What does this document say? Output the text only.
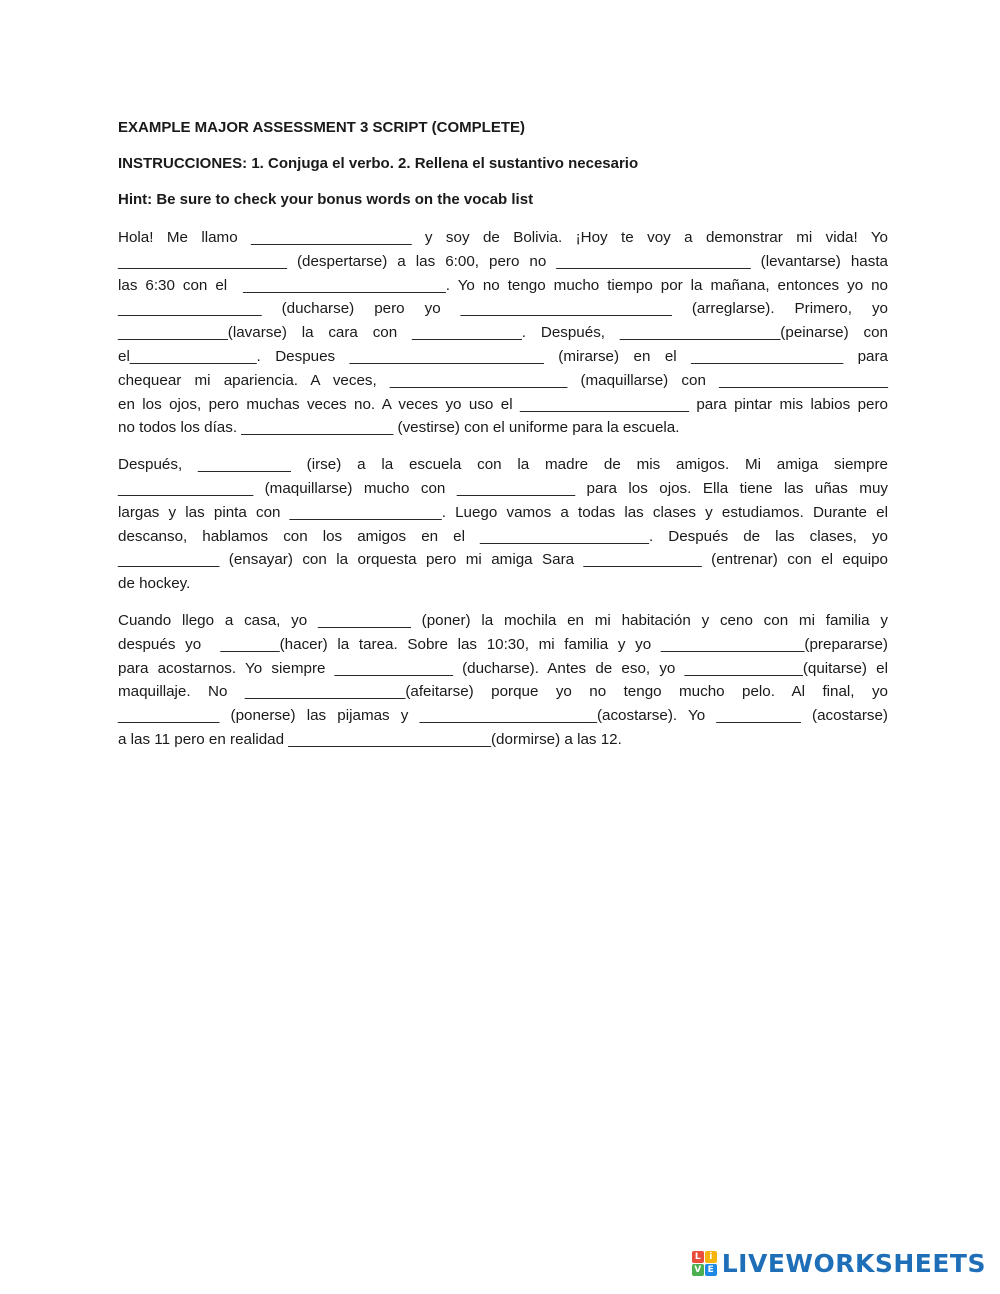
EXAMPLE MAJOR ASSESSMENT 3 SCRIPT (COMPLETE)
INSTRUCCIONES: 1. Conjuga el verbo. 2. Rellena el sustantivo necesario
Hint: Be sure to check your bonus words on the vocab list
Hola! Me llamo ___________________ y soy de Bolivia. ¡Hoy te voy a demonstrar mi vida! Yo
____________________ (despertarse) a las 6:00, pero no _______________________ (levantarse) hasta
las 6:30 con el  ________________________. Yo no tengo mucho tiempo por la mañana, entonces yo no
_________________ (ducharse) pero yo _________________________ (arreglarse). Primero, yo
_____________(lavarse) la cara con _____________. Después, ___________________(peinarse) con
el_______________. Despues _______________________ (mirarse) en el __________________ para
chequear mi apariencia. A veces, _____________________ (maquillarse) con ____________________
en los ojos, pero muchas veces no. A veces yo uso el ____________________ para pintar mis labios pero
no todos los días. __________________ (vestirse) con el uniforme para la escuela.
Después, ___________ (irse) a la escuela con la madre de mis amigos. Mi amiga siempre
________________ (maquillarse) mucho con ______________ para los ojos. Ella tiene las uñas muy
largas y las pinta con __________________. Luego vamos a todas las clases y estudiamos. Durante el
descanso, hablamos con los amigos en el ____________________. Después de las clases, yo
____________ (ensayar) con la orquesta pero mi amiga Sara ______________ (entrenar) con el equipo
de hockey.
Cuando llego a casa, yo ___________ (poner) la mochila en mi habitación y ceno con mi familia y
después yo  _______(hacer) la tarea. Sobre las 10:30, mi familia y yo _________________(prepararse)
para acostarnos. Yo siempre ______________ (ducharse). Antes de eso, yo ______________(quitarse) el
maquillaje. No ___________________(afeitarse) porque yo no tengo mucho pelo. Al final, yo
____________ (ponerse) las pijamas y _____________________(acostarse). Yo __________ (acostarse)
a las 11 pero en realidad ________________________(dormirse) a las 12.
L i
V E LIVEWORKSHEETS
